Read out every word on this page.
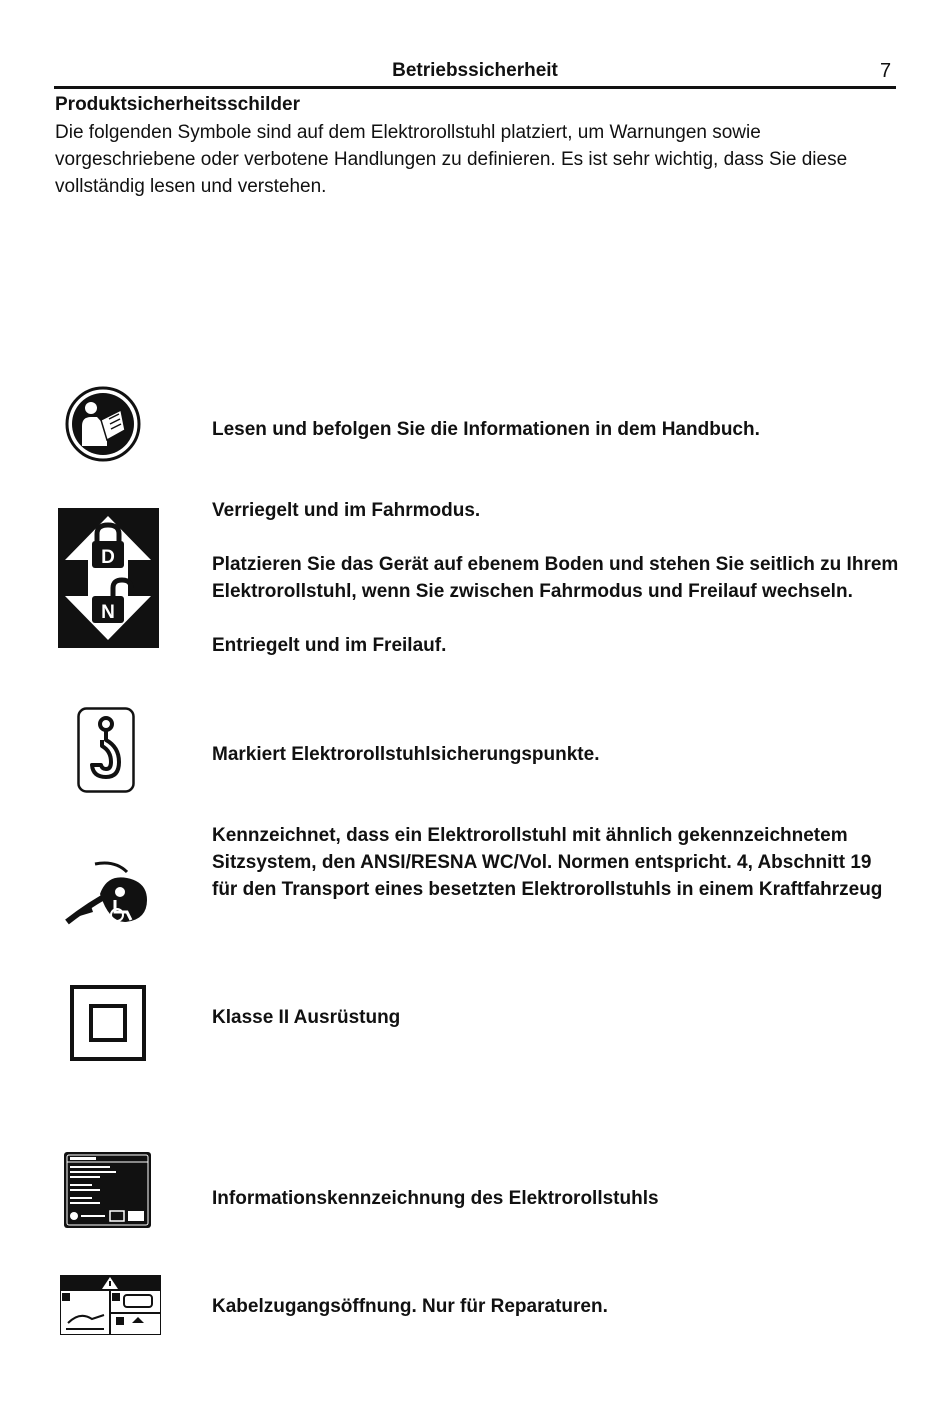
Betriebssicherheit	7
Produktsicherheitsschilder

Die folgenden Symbole sind auf dem Elektrorollstuhl platziert, um Warnungen sowie vorgeschriebene oder verbotene Handlungen zu definieren. Es ist sehr wichtig, dass Sie diese vollständig lesen und verstehen.

Lesen und befolgen Sie die Informationen in dem Handbuch.

D
N

Verriegelt und im Fahrmodus.

Platzieren Sie das Gerät auf ebenem Boden und stehen Sie seitlich zu Ihrem Elektrorollstuhl, wenn Sie zwischen Fahrmodus und Freilauf wechseln.

Entriegelt und im Freilauf.

Markiert Elektrorollstuhlsicherungspunkte.

Kennzeichnet, dass ein Elektrorollstuhl mit ähnlich gekennzeichnetem Sitzsystem, den ANSI/RESNA WC/Vol. Normen entspricht. 4, Abschnitt 19 für den Transport eines besetzten Elektrorollstuhls in einem Kraftfahrzeug

Klasse II Ausrüstung

Informationskennzeichnung des Elektrorollstuhls

Kabelzugangsöffnung. Nur für Reparaturen.
